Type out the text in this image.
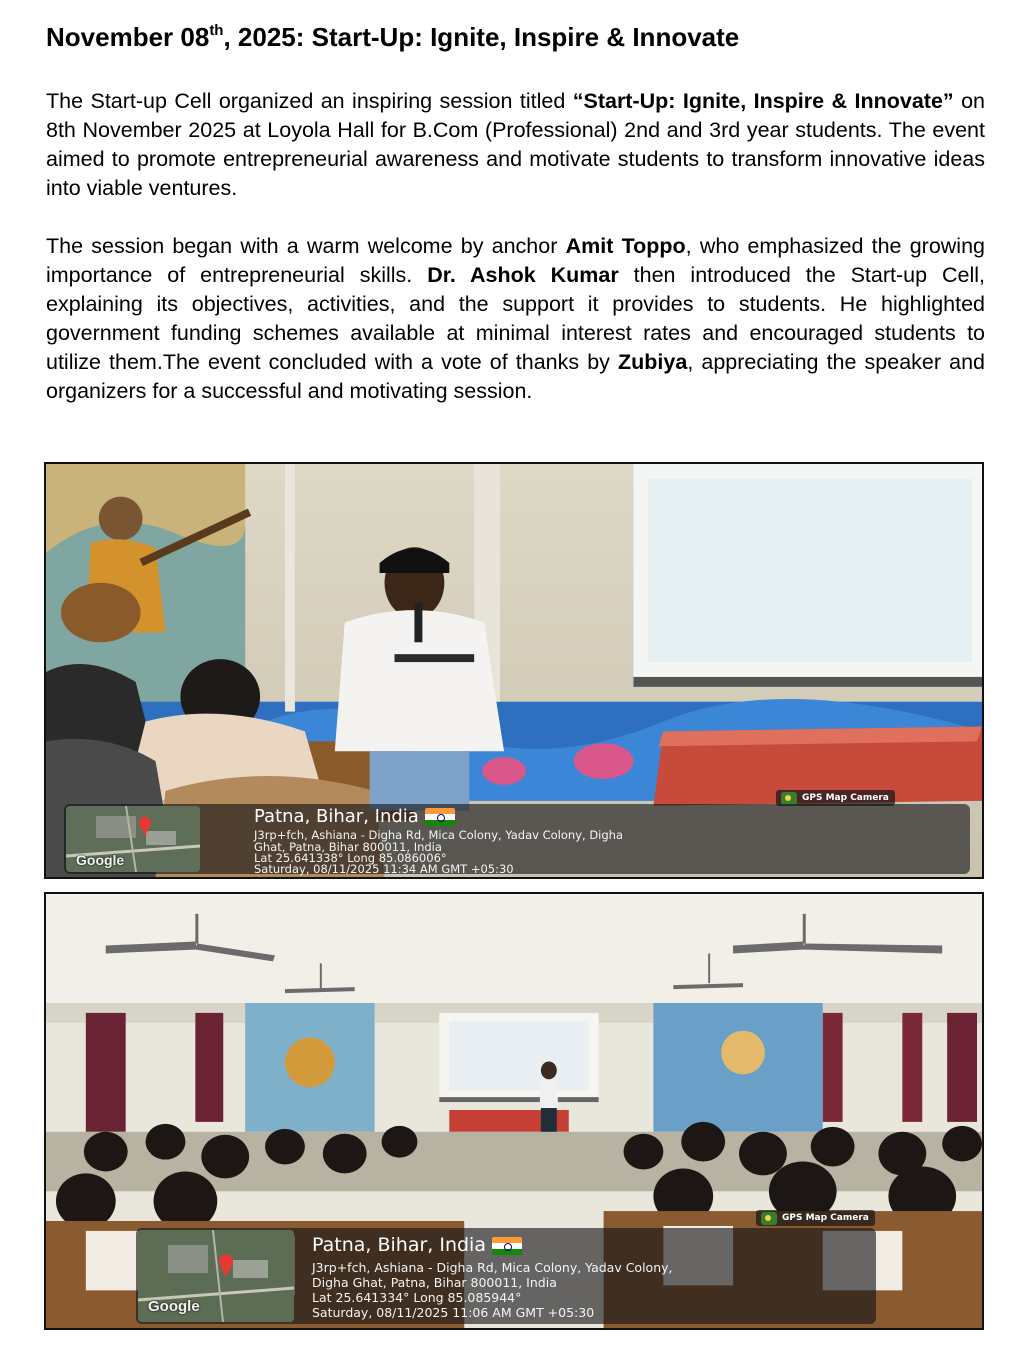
November 08th, 2025: Start-Up: Ignite, Inspire & Innovate

The Start-up Cell organized an inspiring session titled “Start-Up: Ignite, Inspire & Innovate” on 8th November 2025 at Loyola Hall for B.Com (Professional) 2nd and 3rd year students. The event aimed to promote entrepreneurial awareness and motivate students to transform innovative ideas into viable ventures.

The session began with a warm welcome by anchor Amit Toppo, who emphasized the growing importance of entrepreneurial skills. Dr. Ashok Kumar then introduced the Start-up Cell, explaining its objectives, activities, and the support it provides to students. He highlighted government funding schemes available at minimal interest rates and encouraged students to utilize them.The event concluded with a vote of thanks by Zubiya, appreciating the speaker and organizers for a successful and motivating session.

GPS Map Camera
Google
Patna, Bihar, India
J3rp+fch, Ashiana - Digha Rd, Mica Colony, Yadav Colony, Digha
Ghat, Patna, Bihar 800011, India
Lat 25.641338° Long 85.086006°
Saturday, 08/11/2025 11:34 AM GMT +05:30
GPS Map Camera
Google
Patna, Bihar, India
J3rp+fch, Ashiana - Digha Rd, Mica Colony, Yadav Colony,
Digha Ghat, Patna, Bihar 800011, India
Lat 25.641334° Long 85.085944°
Saturday, 08/11/2025 11:06 AM GMT +05:30
